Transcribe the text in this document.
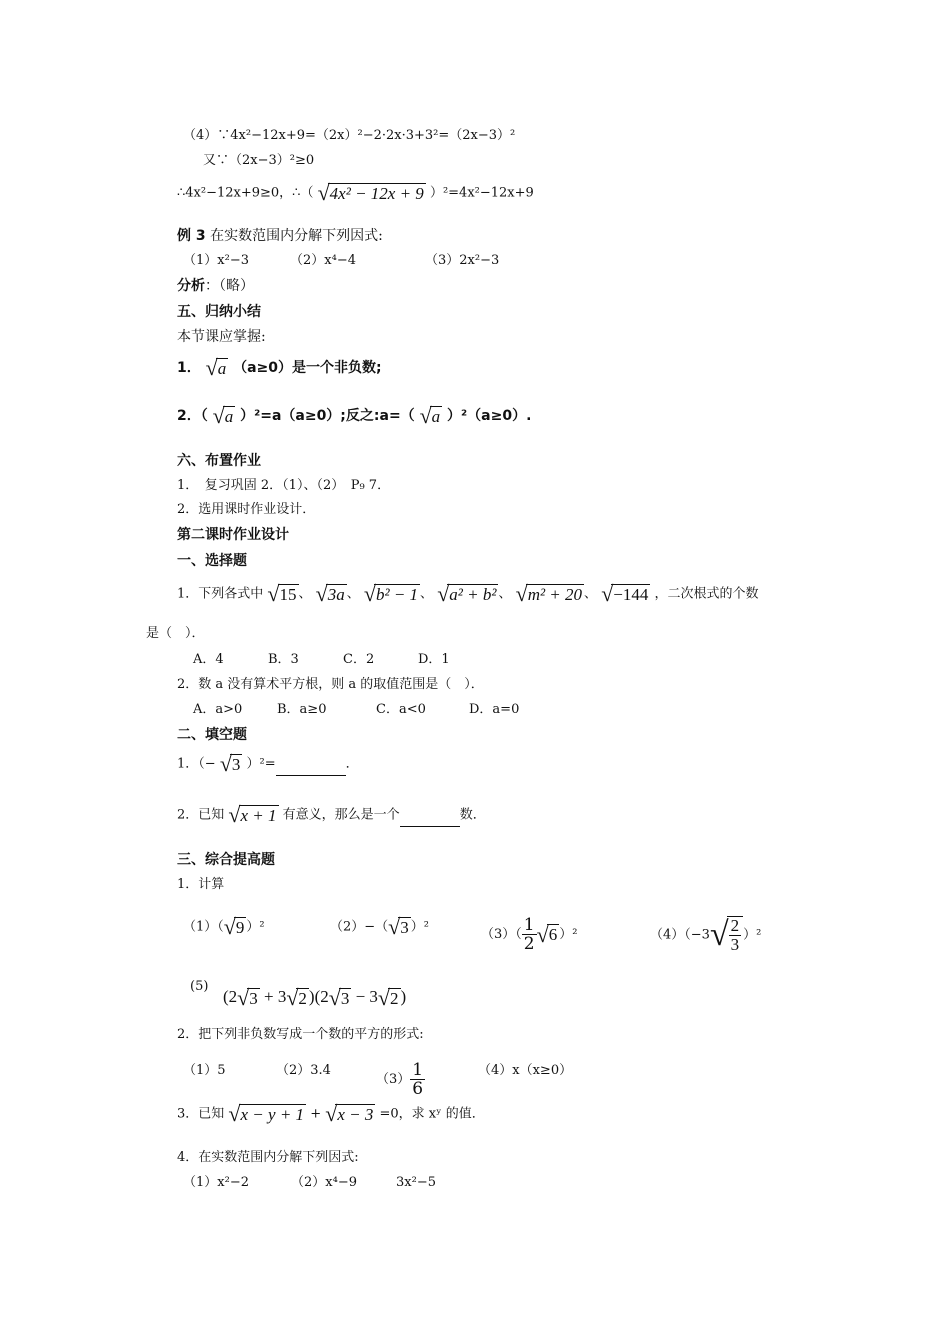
（4）∵4x²−12x+9=（2x）²−2·2x·3+3²=（2x−3）²
又∵（2x−3）²≥0
∴4x²−12x+9≥0，∴（ √4x² − 12x + 9 ）²=4x²−12x+9
例 3 在实数范围内分解下列因式:
（1）x²−3	（2）x⁴−4	（3）2x²−3
分析：（略）
五、归纳小结
本节课应掌握:
1． √a （a≥0）是一个非负数;
2．（ √a ）²=a（a≥0）;反之:a=（ √a ）²（a≥0）.
六、布置作业
1．　复习巩固 2．（1）、（2）　P₉ 7．
2．选用课时作业设计．
第二课时作业设计
一、选择题
1．下列各式中 √15 、 √3a 、 √b² − 1 、 √a² + b² 、 √m² + 20 、 √−144 ，二次根式的个数
是（　）．
A．4	B．3	C．2	D．1
2．数 a 没有算术平方根，则 a 的取值范围是（　）．
A．a>0	B．a≥0	C．a<0	D．a=0
二、填空题
1．（− √3 ）²=	．
2．已知 √x + 1 有意义，那么是一个	数．
三、综合提高题
1．计算
（1）（√9 ）²	（2）−（√3 ）²	$(3)( \frac{1}{2} √6$ ）²	$(4)(-3√ \frac{2}{3} )^2$
(5)
(2√3 + 3√2 )(2√3 − 3√2 )
2．把下列非负数写成一个数的平方的形式:
（1）5	（2）3.4
$(3) \frac{1}{6}$	（4）x（x≥0）
3．已知 √x − y + 1 + √x − 3 =0，求 xʸ 的值．
4．在实数范围内分解下列因式:
（1）x²−2	（2）x⁴−9	3x²−5
